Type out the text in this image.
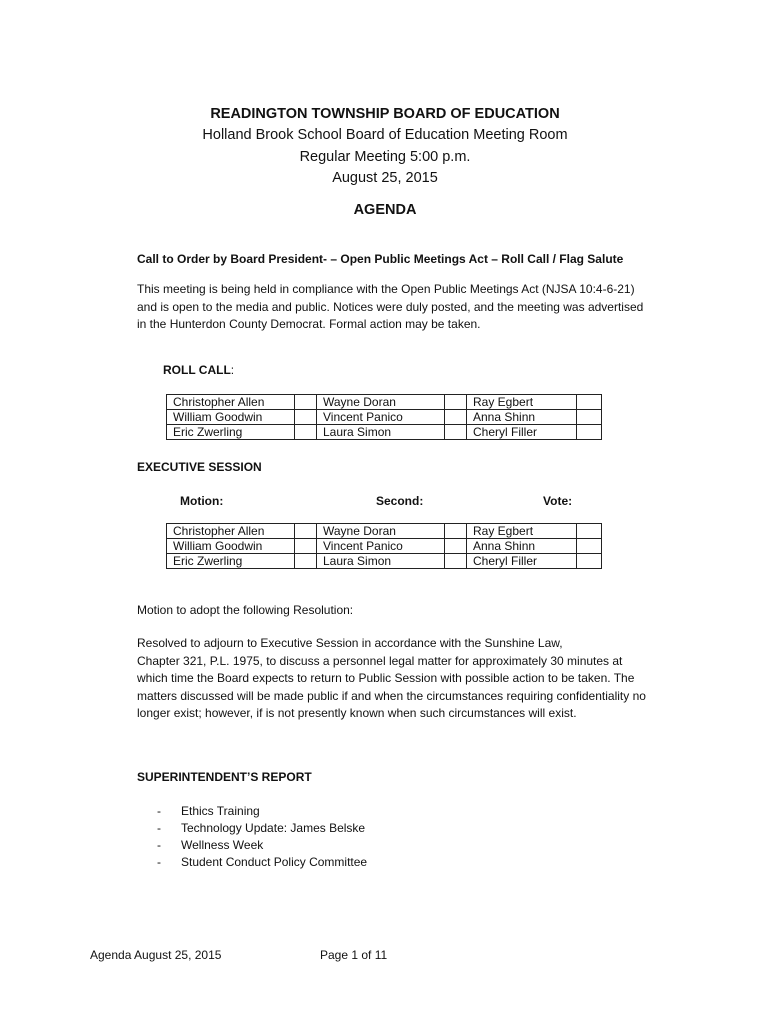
READINGTON TOWNSHIP BOARD OF EDUCATION
Holland Brook School Board of Education Meeting Room
Regular Meeting 5:00 p.m.
August 25, 2015
AGENDA
Call to Order by Board President- – Open Public Meetings Act – Roll Call / Flag Salute
This meeting is being held in compliance with the Open Public Meetings Act (NJSA 10:4-6-21)
and is open to the media and public. Notices were duly posted, and the meeting was advertised
in the Hunterdon County Democrat. Formal action may be taken.
ROLL CALL:
Christopher Allen		Wayne Doran		Ray Egbert	
William Goodwin		Vincent Panico		Anna Shinn	
Eric Zwerling		Laura Simon		Cheryl Filler	
EXECUTIVE SESSION
Motion:	Second:	Vote:
Christopher Allen		Wayne Doran		Ray Egbert	
William Goodwin		Vincent Panico		Anna Shinn	
Eric Zwerling		Laura Simon		Cheryl Filler	
Motion to adopt the following Resolution:
Resolved to adjourn to Executive Session in accordance with the Sunshine Law,
Chapter 321, P.L. 1975, to discuss a personnel legal matter for approximately 30 minutes at
which time the Board expects to return to Public Session with possible action to be taken. The
matters discussed will be made public if and when the circumstances requiring confidentiality no
longer exist; however, if is not presently known when such circumstances will exist.
SUPERINTENDENT’S REPORT
- Ethics Training
- Technology Update: James Belske
- Wellness Week
- Student Conduct Policy Committee
Agenda August 25, 2015	Page 1 of 11
